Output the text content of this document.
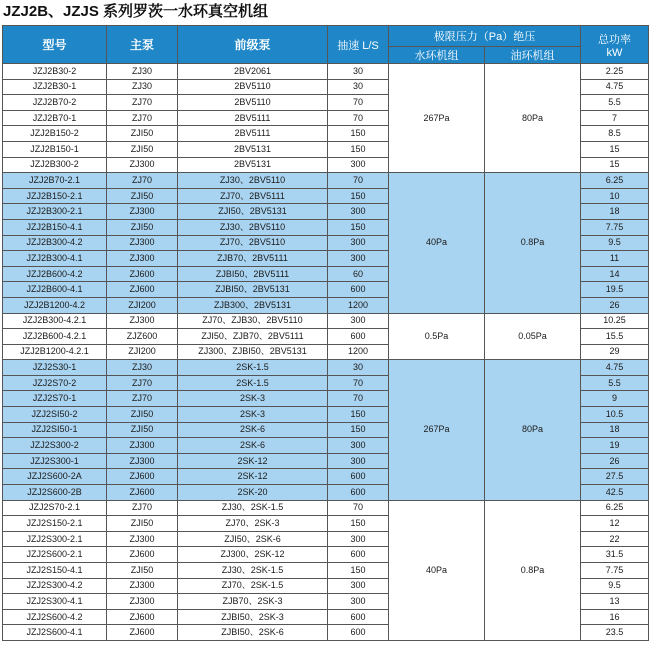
JZJ2B、JZJS 系列罗茨一水环真空机组
型号	主泵	前级泵	抽速 L/S	极限压力（Pa）绝压		总功率
kW

				水环机组	油环机组	
JZJ2B30-2	ZJ30	2BV2061	30	267Pa	80Pa	2.25
JZJ2B30-1	ZJ30	2BV5110	30			4.75
JZJ2B70-2	ZJ70	2BV5110	70			5.5
JZJ2B70-1	ZJ70	2BV5111	70			7
JZJ2B150-2	ZJI50	2BV5111	150			8.5
JZJ2B150-1	ZJI50	2BV5131	150			15
JZJ2B300-2	ZJ300	2BV5131	300			15
JZJ2B70-2.1	ZJ70	ZJ30、2BV5110	70	40Pa	0.8Pa	6.25
JZJ2B150-2.1	ZJI50	ZJ70、2BV5111	150			10
JZJ2B300-2.1	ZJ300	ZJI50、2BV5131	300			18
JZJ2B150-4.1	ZJI50	ZJ30、2BV5110	150			7.75
JZJ2B300-4.2	ZJ300	ZJ70、2BV5110	300			9.5
JZJ2B300-4.1	ZJ300	ZJB70、2BV5111	300			11
JZJ2B600-4.2	ZJ600	ZJBI50、2BV5111	60			14
JZJ2B600-4.1	ZJ600	ZJBI50、2BV5131	600			19.5
JZJ2B1200-4.2	ZJI200	ZJB300、2BV5131	1200			26
JZJ2B300-4.2.1	ZJ300	ZJ70、ZJB30、2BV5110	300	0.5Pa	0.05Pa	10.25
JZJ2B600-4.2.1	ZJZ600	ZJI50、ZJB70、2BV5111	600			15.5
JZJ2B1200-4.2.1	ZJI200	ZJ300、ZJBI50、2BV5131	1200			29
JZJ2S30-1	ZJ30	2SK-1.5	30	267Pa	80Pa	4.75
JZJ2S70-2	ZJ70	2SK-1.5	70			5.5
JZJ2S70-1	ZJ70	2SK-3	70			9
JZJ2SI50-2	ZJI50	2SK-3	150			10.5
JZJ2SI50-1	ZJI50	2SK-6	150			18
JZJ2S300-2	ZJ300	2SK-6	300			19
JZJ2S300-1	ZJ300	2SK-12	300			26
JZJ2S600-2A	ZJ600	2SK-12	600			27.5
JZJ2S600-2B	ZJ600	2SK-20	600			42.5
JZJ2S70-2.1	ZJ70	ZJ30、2SK-1.5	70	40Pa	0.8Pa	6.25
JZJ2S150-2.1	ZJI50	ZJ70、2SK-3	150			12
JZJ2S300-2.1	ZJ300	ZJI50、2SK-6	300			22
JZJ2S600-2.1	ZJ600	ZJ300、2SK-12	600			31.5
JZJ2S150-4.1	ZJI50	ZJ30、2SK-1.5	150			7.75
JZJ2S300-4.2	ZJ300	ZJ70、2SK-1.5	300			9.5
JZJ2S300-4.1	ZJ300	ZJB70、2SK-3	300			13
JZJ2S600-4.2	ZJ600	ZJBI50、2SK-3	600			16
JZJ2S600-4.1	ZJ600	ZJBI50、2SK-6	600			23.5
